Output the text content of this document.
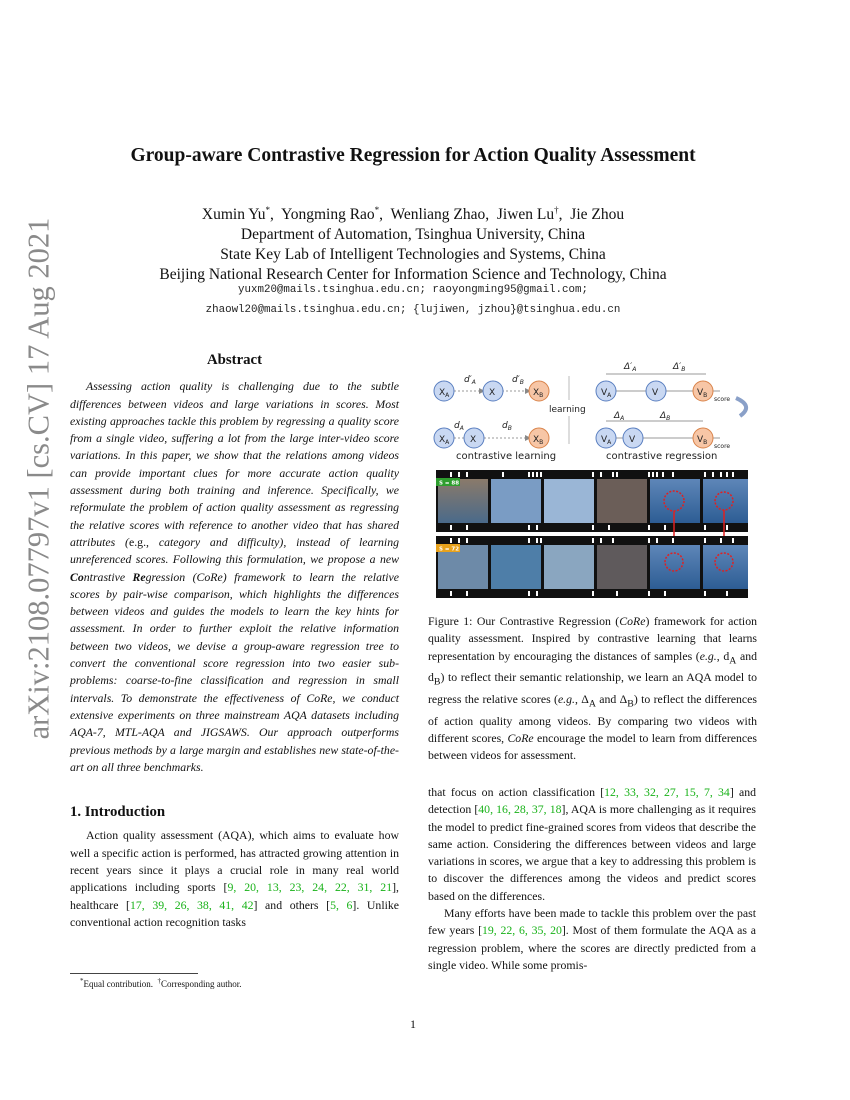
arXiv:2108.07797v1 [cs.CV] 17 Aug 2021
Group-aware Contrastive Regression for Action Quality Assessment
Xumin Yu*,  Yongming Rao*,  Wenliang Zhao,  Jiwen Lu†,  Jie Zhou
Department of Automation, Tsinghua University, China
State Key Lab of Intelligent Technologies and Systems, China
Beijing National Research Center for Information Science and Technology, China
yuxm20@mails.tsinghua.edu.cn; raoyongming95@gmail.com;
zhaowl20@mails.tsinghua.edu.cn; {lujiwen, jzhou}@tsinghua.edu.cn
Abstract

Assessing action quality is challenging due to the subtle differences between videos and large variations in scores. Most existing approaches tackle this problem by regressing a quality score from a single video, suffering a lot from the large inter-video score variations. In this paper, we show that the relations among videos can provide important clues for more accurate action quality assessment during both training and inference. Specifically, we reformulate the problem of action quality assessment as regressing the relative scores with reference to another video that has shared attributes (e.g., category and difficulty), instead of learning unreferenced scores. Following this formulation, we propose a new Contrastive Regression (CoRe) framework to learn the relative scores by pair-wise comparison, which highlights the differences between videos and guides the models to learn the key hints for assessment. In order to further exploit the relative information between two videos, we devise a group-aware regression tree to convert the conventional score regression into two easier sub-problems: coarse-to-fine classification and regression in small intervals. To demonstrate the effectiveness of CoRe, we conduct extensive experiments on three mainstream AQA datasets including AQA-7, MTL-AQA and JIGSAWS. Our approach outperforms previous methods by a large margin and establishes new state-of-the-art on all three benchmarks.

1. Introduction

Action quality assessment (AQA), which aims to evaluate how well a specific action is performed, has attracted growing attention in recent years since it plays a crucial role in many real world applications including sports [9, 20, 13, 23, 24, 22, 31, 21], healthcare [17, 39, 26, 38, 41, 42] and others [5, 6]. Unlike conventional action recognition tasks

*Equal contribution. †Corresponding author.
$X_A$	X	$X_B$
$d'_A$	$d'_B$
$X_A$ X	$X_B$
$d_A$	$d_B$
contrastive learning
learning
$V_A$	V	$V_B$
$\Delta'_A$	$\Delta'_B$
score
$V_A$ V	$V_B$
$\Delta_A$	$\Delta_B$
score
contrastive regression
S = 88
S = 72

Figure 1: Our Contrastive Regression (CoRe) framework for action quality assessment. Inspired by contrastive learning that learns representation by encouraging the distances of samples (e.g., $d_A$ and $d_B$) to reflect their semantic relationship, we learn an AQA model to regress the relative scores (e.g., $\Delta_A$ and $\Delta_B$) to reflect the differences of action quality among videos. By comparing two videos with different scores, CoRe encourage the model to learn from differences between videos for assessment.

that focus on action classification [12, 33, 32, 27, 15, 7, 34] and detection [40, 16, 28, 37, 18], AQA is more challenging as it requires the model to predict fine-grained scores from videos that describe the same action. Considering the differences between videos and large variations in scores, we argue that a key to addressing this problem is to discover the differences among the videos and predict scores based on the differences.

Many efforts have been made to tackle this problem over the past few years [19, 22, 6, 35, 20]. Most of them formulate the AQA as a regression problem, where the scores are directly predicted from a single video. While some promis-

1
